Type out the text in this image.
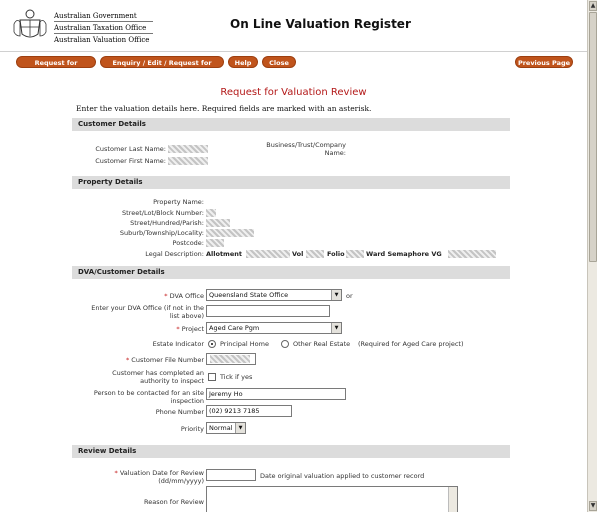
Australian Government
Australian Taxation Office
Australian Valuation Office
On Line Valuation Register
Request for Valuation
Enquiry / Edit / Request for Update
Help	Close	Previous Page
Request for Valuation Review
Enter the valuation details here. Required fields are marked with an asterisk.
Customer Details
Customer Last Name:
Customer First Name:
Business/Trust/Company
Name:
Property Details
Property Name:
Street/Lot/Block Number:
Street/Hundred/Parish:
Suburb/Township/Locality:
Postcode:
Legal Description: Allotment	Vol	Folio	Ward Semaphore VG
DVA/Customer Details
* DVA Office Queensland State Office	▼	or
Enter your DVA Office (if not in the
list above)
* Project Aged Care Pgm	▼
Estate Indicator Principal Home	Other Real Estate (Required for Aged Care project)
* Customer File Number
Customer has completed an
authority to inspect Tick if yes
Person to be contacted for an site
inspection
Jeremy Ho
Phone Number (02) 9213 7185
Priority Normal	▼
Review Details
* Valuation Date for Review
(dd/mm/yyyy)
Date original valuation applied to customer record
Reason for Review
▲
▼
